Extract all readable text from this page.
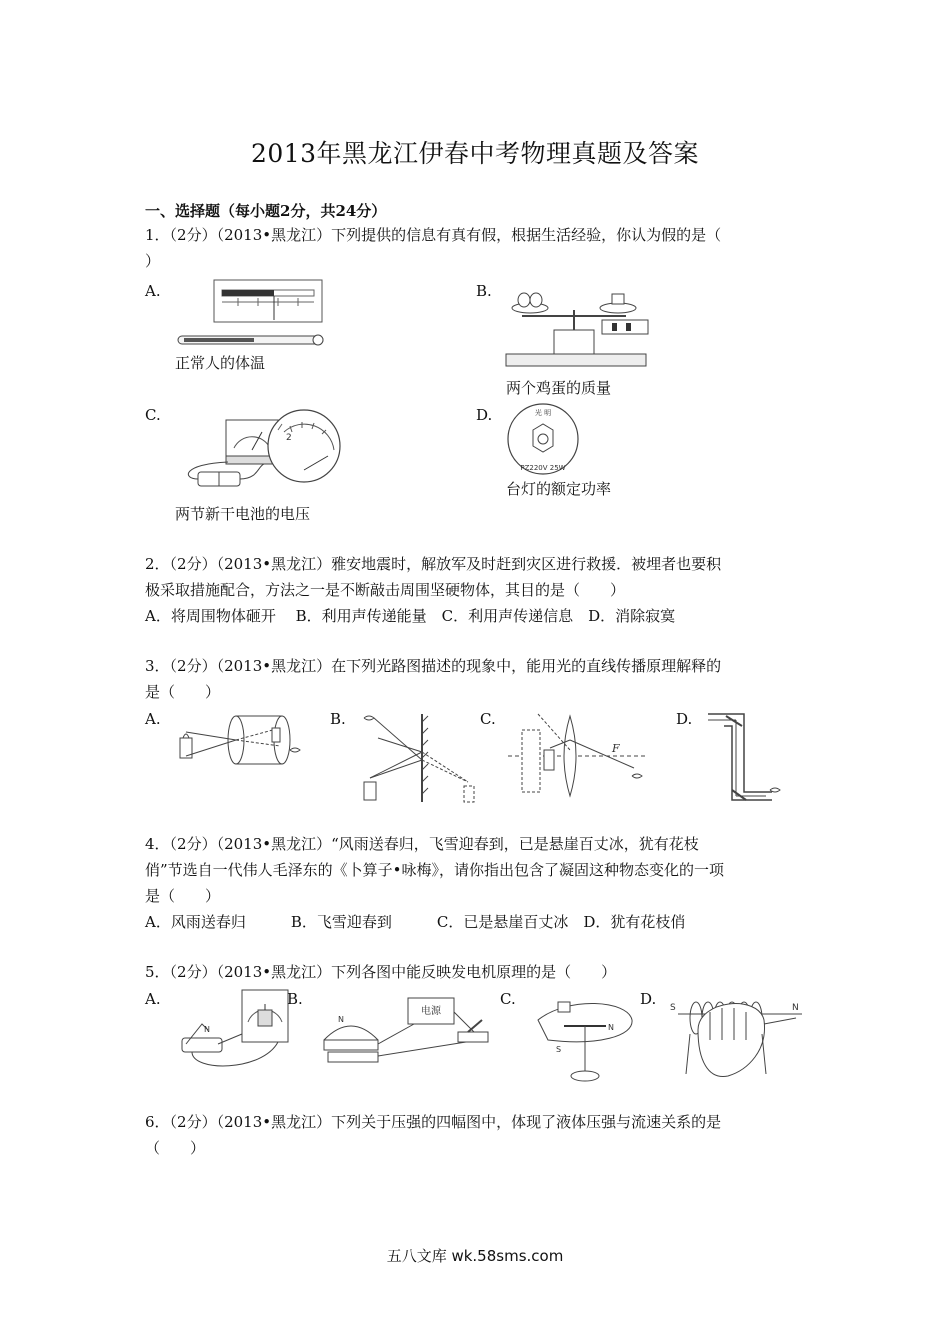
2013年黑龙江伊春中考物理真题及答案
一、选择题（每小题2分，共24分）
1．（2分）（2013•黑龙江）下列提供的信息有真有假，根据生活经验，你认为假的是（
）
A.
正常人的体温
B.
两个鸡蛋的质量
C.
2
两节新干电池的电压
D.	光 明
PZ220V 25W
台灯的额定功率
2．（2分）（2013•黑龙江）雅安地震时，解放军及时赶到灾区进行救援．被埋者也要积
极采取措施配合，方法之一是不断敲击周围坚硬物体，其目的是（　　）
A．将周围物体砸开　 B．利用声传递能量　C．利用声传递信息　D．消除寂寞
3．（2分）（2013•黑龙江）在下列光路图描述的现象中，能用光的直线传播原理解释的
是（　　）
A.	B.	C.
F
D.
4．（2分）（2013•黑龙江）“风雨送春归，飞雪迎春到，已是悬崖百丈冰，犹有花枝
俏”节选自一代伟人毛泽东的《卜算子•咏梅》，请你指出包含了凝固这种物态变化的一项
是（　　）
A．风雨送春归　　　B．飞雪迎春到　　　C．已是悬崖百丈冰　D．犹有花枝俏
5．（2分）（2013•黑龙江）下列各图中能反映发电机原理的是（　　）
A.
N
B.
电源
N
C.
S
N
D. S	N
6．（2分）（2013•黑龙江）下列关于压强的四幅图中，体现了液体压强与流速关系的是
（　　）
五八文库 wk.58sms.com
